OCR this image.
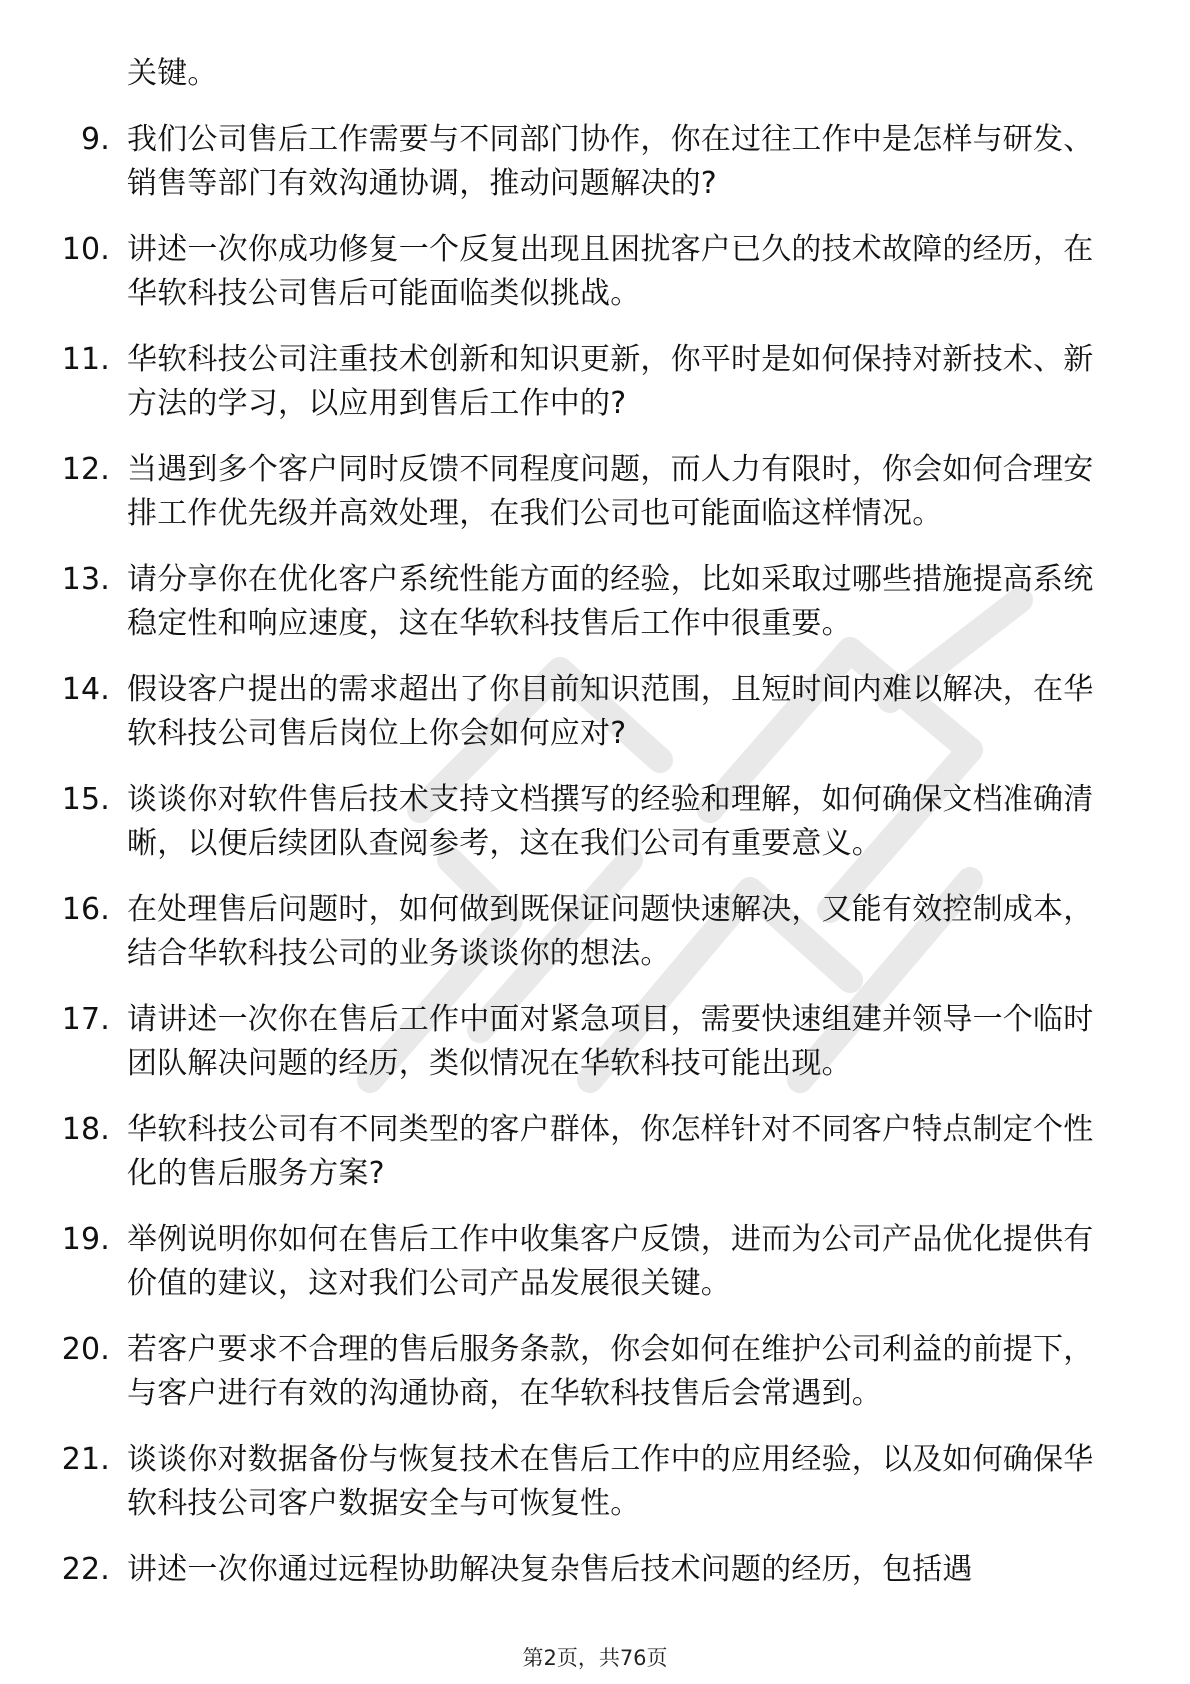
关键。
9. 我们公司售后工作需要与不同部门协作，你在过往工作中是怎样与研发、销售等部门有效沟通协调，推动问题解决的?
10. 讲述一次你成功修复一个反复出现且困扰客户已久的技术故障的经历，在华软科技公司售后可能面临类似挑战。
11. 华软科技公司注重技术创新和知识更新，你平时是如何保持对新技术、新方法的学习，以应用到售后工作中的?
12. 当遇到多个客户同时反馈不同程度问题，而人力有限时，你会如何合理安排工作优先级并高效处理，在我们公司也可能面临这样情况。
13. 请分享你在优化客户系统性能方面的经验，比如采取过哪些措施提高系统稳定性和响应速度，这在华软科技售后工作中很重要。
14. 假设客户提出的需求超出了你目前知识范围，且短时间内难以解决，在华软科技公司售后岗位上你会如何应对?
15. 谈谈你对软件售后技术支持文档撰写的经验和理解，如何确保文档准确清晰，以便后续团队查阅参考，这在我们公司有重要意义。
16. 在处理售后问题时，如何做到既保证问题快速解决，又能有效控制成本，结合华软科技公司的业务谈谈你的想法。
17. 请讲述一次你在售后工作中面对紧急项目，需要快速组建并领导一个临时团队解决问题的经历，类似情况在华软科技可能出现。
18. 华软科技公司有不同类型的客户群体，你怎样针对不同客户特点制定个性化的售后服务方案?
19. 举例说明你如何在售后工作中收集客户反馈，进而为公司产品优化提供有价值的建议，这对我们公司产品发展很关键。
20. 若客户要求不合理的售后服务条款，你会如何在维护公司利益的前提下，与客户进行有效的沟通协商，在华软科技售后会常遇到。
21. 谈谈你对数据备份与恢复技术在售后工作中的应用经验，以及如何确保华软科技公司客户数据安全与可恢复性。
22. 讲述一次你通过远程协助解决复杂售后技术问题的经历，包括遇
第2页，共76页
